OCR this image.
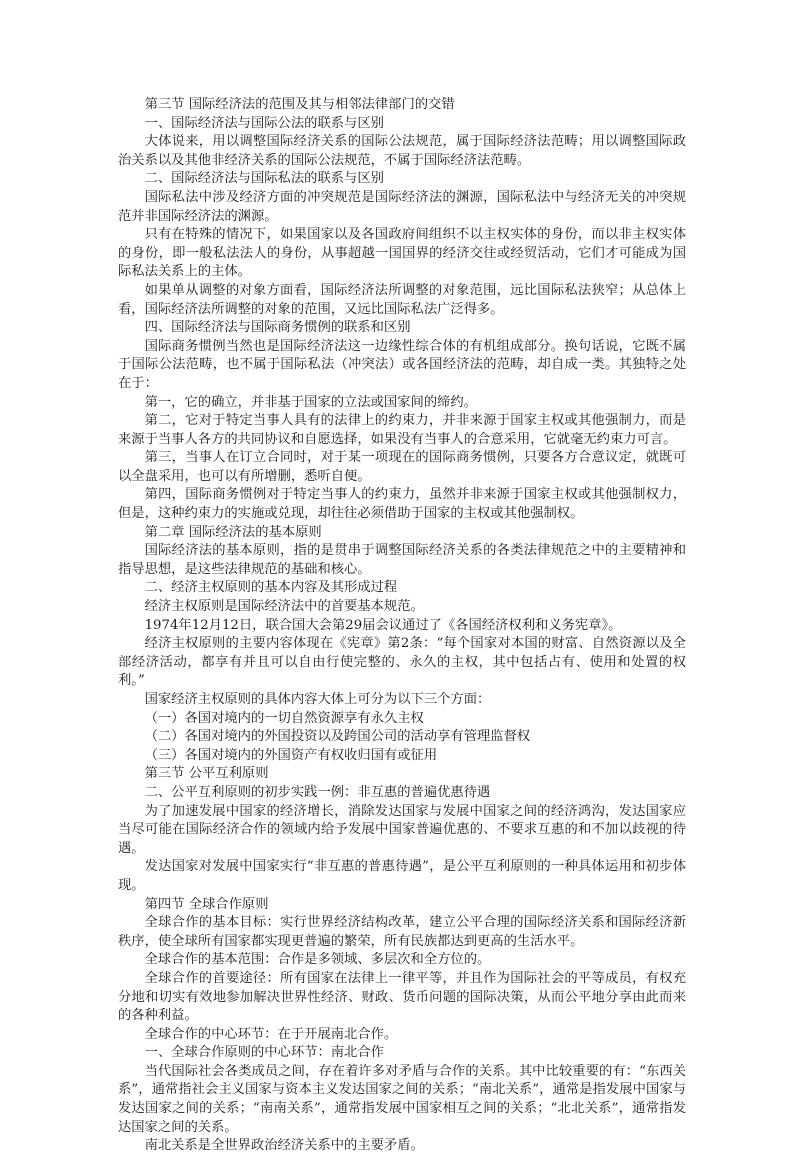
第三节 国际经济法的范围及其与相邻法律部门的交错

一、国际经济法与国际公法的联系与区别

大体说来，用以调整国际经济关系的国际公法规范，属于国际经济法范畴；用以调整国际政治关系以及其他非经济关系的国际公法规范，不属于国际经济法范畴。

二、国际经济法与国际私法的联系与区别

国际私法中涉及经济方面的冲突规范是国际经济法的渊源，国际私法中与经济无关的冲突规范并非国际经济法的渊源。

只有在特殊的情况下，如果国家以及各国政府间组织不以主权实体的身份，而以非主权实体的身份，即一般私法法人的身份，从事超越一国国界的经济交往或经贸活动，它们才可能成为国际私法关系上的主体。

如果单从调整的对象方面看，国际经济法所调整的对象范围，远比国际私法狭窄；从总体上看，国际经济法所调整的对象的范围，又远比国际私法广泛得多。

四、国际经济法与国际商务惯例的联系和区别

国际商务惯例当然也是国际经济法这一边缘性综合体的有机组成部分。换句话说，它既不属于国际公法范畴，也不属于国际私法（冲突法）或各国经济法的范畴，却自成一类。其独特之处在于：

第一，它的确立，并非基于国家的立法或国家间的缔约。

第二，它对于特定当事人具有的法律上的约束力，并非来源于国家主权或其他强制力，而是来源于当事人各方的共同协议和自愿选择，如果没有当事人的合意采用，它就毫无约束力可言。

第三，当事人在订立合同时，对于某一项现在的国际商务惯例，只要各方合意议定，就既可以全盘采用，也可以有所增删，悉听自便。

第四，国际商务惯例对于特定当事人的约束力，虽然并非来源于国家主权或其他强制权力，但是，这种约束力的实施或兑现，却往往必须借助于国家的主权或其他强制权。

第二章 国际经济法的基本原则

国际经济法的基本原则，指的是贯串于调整国际经济关系的各类法律规范之中的主要精神和指导思想，是这些法律规范的基础和核心。

二、经济主权原则的基本内容及其形成过程

经济主权原则是国际经济法中的首要基本规范。

1974年12月12日，联合国大会第29届会议通过了《各国经济权利和义务宪章》。

经济主权原则的主要内容体现在《宪章》第2条：“每个国家对本国的财富、自然资源以及全部经济活动，都享有并且可以自由行使完整的、永久的主权，其中包括占有、使用和处置的权利。”

国家经济主权原则的具体内容大体上可分为以下三个方面：

（一）各国对境内的一切自然资源享有永久主权

（二）各国对境内的外国投资以及跨国公司的活动享有管理监督权

（三）各国对境内的外国资产有权收归国有或征用

第三节 公平互利原则

二、公平互利原则的初步实践一例：非互惠的普遍优惠待遇

为了加速发展中国家的经济增长，消除发达国家与发展中国家之间的经济鸿沟，发达国家应当尽可能在国际经济合作的领域内给予发展中国家普遍优惠的、不要求互惠的和不加以歧视的待遇。

发达国家对发展中国家实行“非互惠的普惠待遇”，是公平互利原则的一种具体运用和初步体现。

第四节 全球合作原则

全球合作的基本目标：实行世界经济结构改革，建立公平合理的国际经济关系和国际经济新秩序，使全球所有国家都实现更普遍的繁荣，所有民族都达到更高的生活水平。

全球合作的基本范围：合作是多领域、多层次和全方位的。

全球合作的首要途径：所有国家在法律上一律平等，并且作为国际社会的平等成员，有权充分地和切实有效地参加解决世界性经济、财政、货币问题的国际决策，从而公平地分享由此而来的各种利益。

全球合作的中心环节：在于开展南北合作。

一、全球合作原则的中心环节：南北合作

当代国际社会各类成员之间，存在着许多对矛盾与合作的关系。其中比较重要的有：“东西关系”，通常指社会主义国家与资本主义发达国家之间的关系；“南北关系”，通常是指发展中国家与发达国家之间的关系；“南南关系”，通常指发展中国家相互之间的关系；“北北关系”，通常指发达国家之间的关系。

南北关系是全世界政治经济关系中的主要矛盾。
